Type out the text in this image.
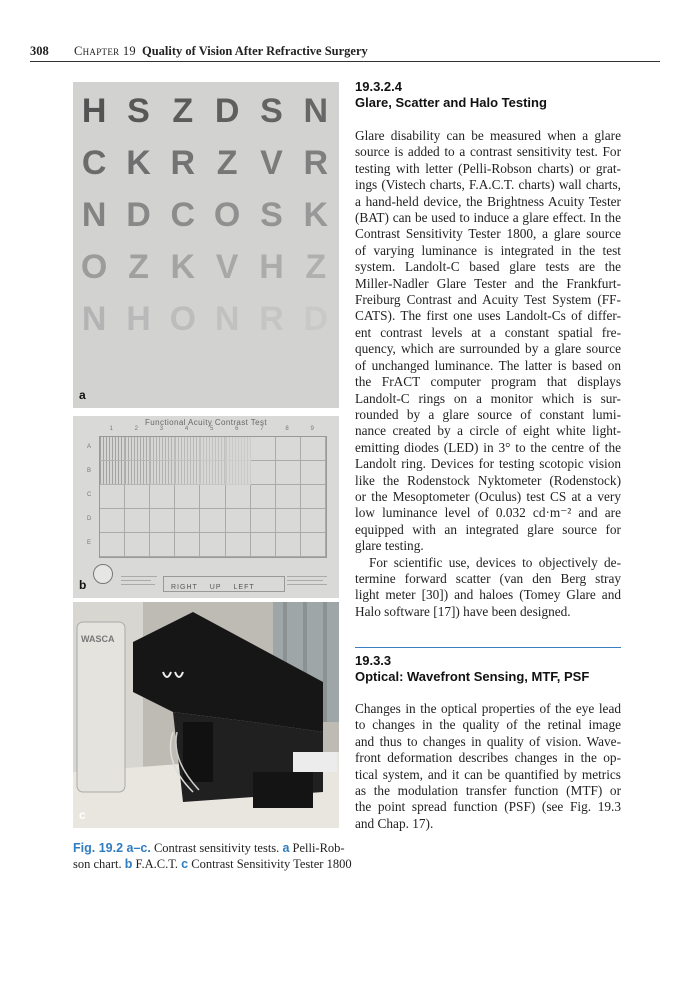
308 Chapter 19 Quality of Vision After Refractive Surgery
H S Z D S N
C K R Z V R
N D C O S K
O Z K V H Z
N H O N R D
a
Functional Acuity Contrast Test
1	2	3	4	5	6	7	8	9
A
B
C
D
E
RIGHT UP LEFT
b
WASCA
c
Fig. 19.2 a–c. Contrast sensitivity tests. a Pelli-Rob-
son chart. b F.A.C.T. c Contrast Sensitivity Tester 1800
19.3.2.4
Glare, Scatter and Halo Testing

Glare disability can be measured when a glare
source is added to a contrast sensitivity test. For
testing with letter (Pelli-Robson charts) or grat-
ings (Vistech charts, F.A.C.T. charts) wall charts,
a hand-held device, the Brightness Acuity Tester
(BAT) can be used to induce a glare effect. In the
Contrast Sensitivity Tester 1800, a glare source
of varying luminance is integrated in the test
system. Landolt-C based glare tests are the
Miller-Nadler Glare Tester and the Frankfurt-
Freiburg Contrast and Acuity Test System (FF-
CATS). The first one uses Landolt-Cs of differ-
ent contrast levels at a constant spatial fre-
quency, which are surrounded by a glare source
of unchanged luminance. The latter is based on
the FrACT computer program that displays
Landolt-C rings on a monitor which is sur-
rounded by a glare source of constant lumi-
nance created by a circle of eight white light-
emitting diodes (LED) in 3° to the centre of the
Landolt ring. Devices for testing scotopic vision
like the Rodenstock Nyktometer (Rodenstock)
or the Mesoptometer (Oculus) test CS at a very
low luminance level of 0.032 cd·m⁻² and are
equipped with an integrated glare source for
glare testing.

For scientific use, devices to objectively de-
termine forward scatter (van den Berg stray
light meter [30]) and haloes (Tomey Glare and
Halo software [17]) have been designed.

19.3.3
Optical: Wavefront Sensing, MTF, PSF

Changes in the optical properties of the eye lead
to changes in the quality of the retinal image
and thus to changes in quality of vision. Wave-
front deformation describes changes in the op-
tical system, and it can be quantified by metrics
as the modulation transfer function (MTF) or
the point spread function (PSF) (see Fig. 19.3
and Chap. 17).
